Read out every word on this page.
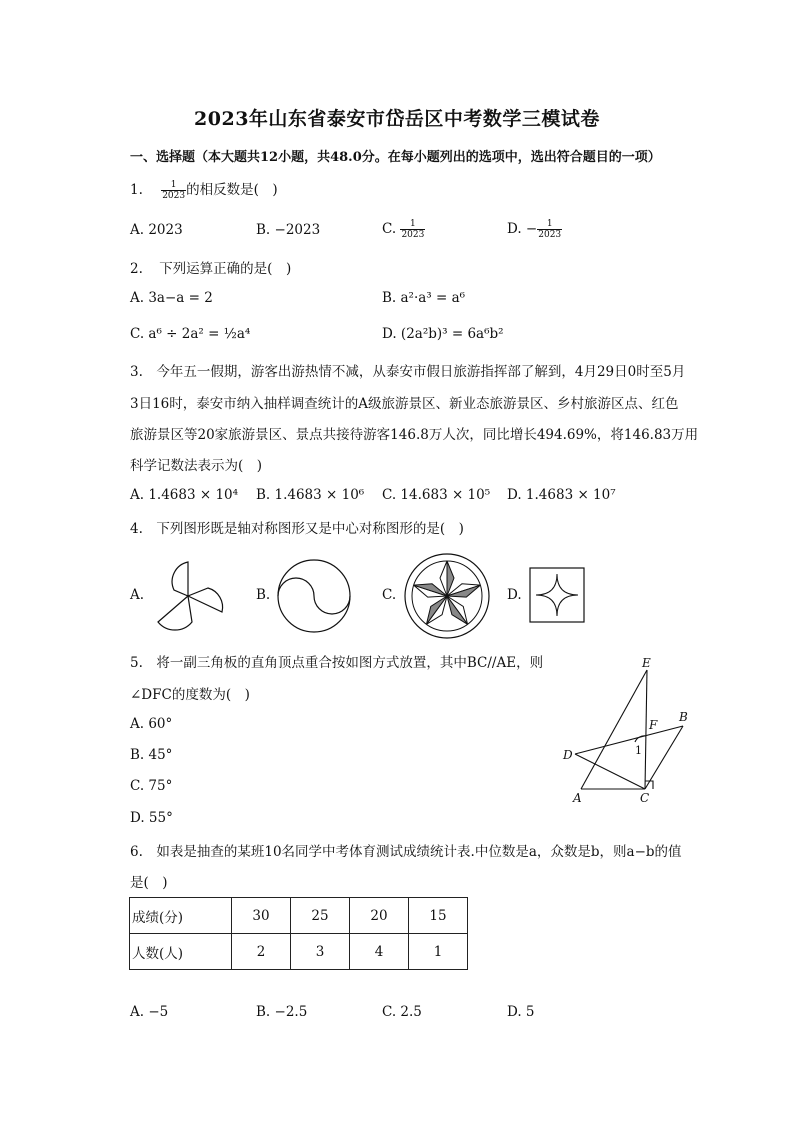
2023年山东省泰安市岱岳区中考数学三模试卷
一、选择题（本大题共12小题，共48.0分。在每小题列出的选项中，选出符合题目的一项）
1. $\frac{1}{2023}$ 的相反数是(　)
A. 2023	B. −2023	C. $\frac{1}{2023}$	D. − $\frac{1}{2023}$
2. 下列运算正确的是(　)
A. 3a−a = 2	B. a²·a³ = a⁶
C. a⁶ ÷ 2a² = ½a⁴	D. (2a²b)³ = 6a⁶b²
3.　今年五一假期，游客出游热情不减，从泰安市假日旅游指挥部了解到，4月29日0时至5月
3日16时，泰安市纳入抽样调查统计的A级旅游景区、新业态旅游景区、乡村旅游区点、红色
旅游景区等20家旅游景区、景点共接待游客146.8万人次，同比增长494.69%，将146.83万用
科学记数法表示为(　)
A. 1.4683 × 10⁴ B. 1.4683 × 10⁶ C. 14.683 × 10⁵ D. 1.4683 × 10⁷
4.　下列图形既是轴对称图形又是中心对称图形的是(　)
A.	B.	C.	D.
5.　将一副三角板的直角顶点重合按如图方式放置，其中BC//AE，则
∠DFC的度数为(　)
A. 60°
B. 45°
C. 75°
D. 55°
E
F
B
D
A	C
1
6.　如表是抽查的某班10名同学中考体育测试成绩统计表.中位数是a，众数是b，则a−b的值
是(　)
成绩(分)	30	25	20	15
人数(人)	2	3	4	1
A. −5	B. −2.5	C. 2.5	D. 5
